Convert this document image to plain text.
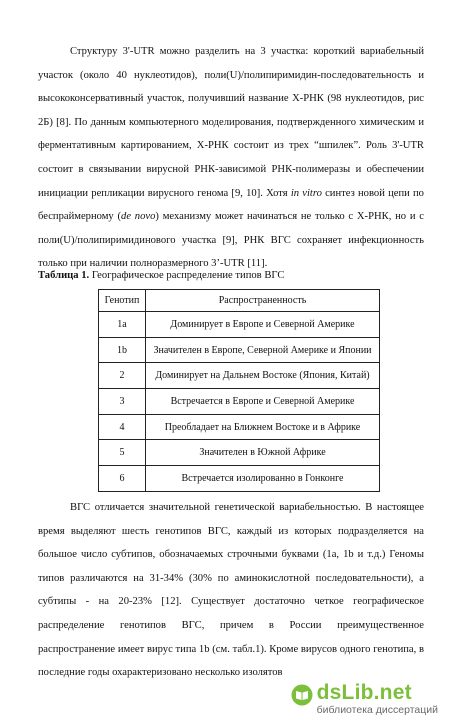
Структуру 3'-UTR можно разделить на 3 участка: короткий вариабельный участок (около 40 нуклеотидов), поли(U)/полипиримидин-последовательность и высококонсервативный участок, получивший название Х-РНК (98 нуклеотидов, рис 2Б) [8]. По данным компьютерного моделирования, подтвержденного химическим и ферментативным картированием, Х-РНК состоит из трех “шпилек”. Роль 3'-UTR состоит в связывании вирусной РНК-зависимой РНК-полимеразы и обеспечении инициации репликации вирусного генома [9, 10]. Хотя in vitro синтез новой цепи по беспраймерному (de novo) механизму может начинаться не только с Х-РНК, но и с поли(U)/полипиримидинового участка [9], РНК ВГС сохраняет инфекционность только при наличии полноразмерного 3’-UTR [11].

Таблица 1. Географическое распределение типов ВГС

Генотип	Распространенность
1a	Доминирует в Европе и Северной Америке
1b	Значителен в Европе, Северной Америке и Японии
2	Доминирует на Дальнем Востоке (Япония, Китай)
3	Встречается в Европе и Северной Америке
4	Преобладает на Ближнем Востоке и в Африке
5	Значителен в Южной Африке
6	Встречается изолированно в Гонконге

ВГС отличается значительной генетической вариабельностью. В настоящее время выделяют шесть генотипов ВГС, каждый из которых подразделяется на большое число субтипов, обозначаемых строчными буквами (1a, 1b и т.д.) Геномы типов различаются на 31-34% (30% по аминокислотной последовательности), а субтипы - на 20-23% [12]. Существует достаточно четкое географическое распределение генотипов ВГС, причем в России преимущественное распространение имеет вирус типа 1b (см. табл.1). Кроме вирусов одного генотипа, в последние годы охарактеризовано несколько изолятов

dsLib.net
библиотека диссертаций
